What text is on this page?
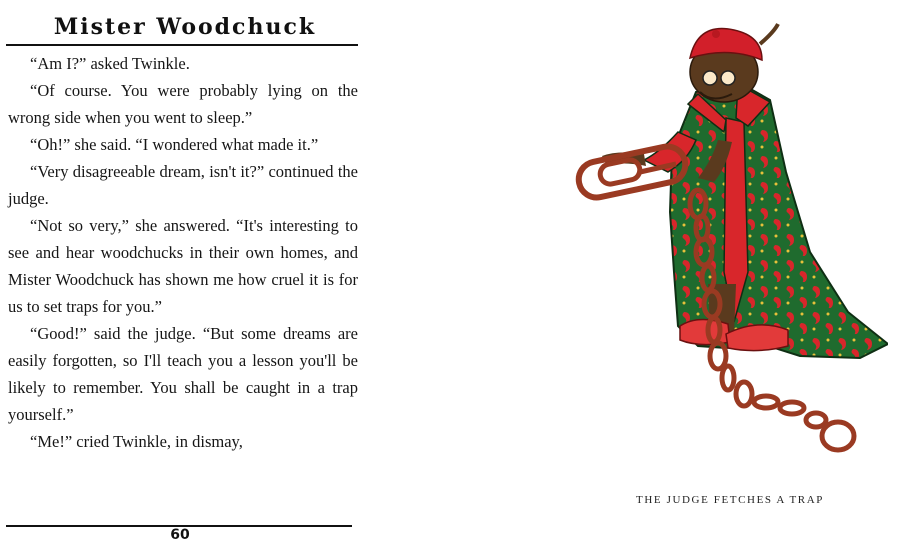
Mister Woodchuck

“Am I?” asked Twinkle.

“Of course. You were probably lying on the wrong side when you went to sleep.”

“Oh!” she said. “I wondered what made it.”

“Very disagreeable dream, isn't it?” continued the judge.

“Not so very,” she answered. “It's interesting to see and hear woodchucks in their own homes, and Mister Woodchuck has shown me how cruel it is for us to set traps for you.”

“Good!” said the judge. “But some dreams are easily forgotten, so I'll teach you a lesson you'll be likely to remember. You shall be caught in a trap yourself.”

“Me!” cried Twinkle, in dismay,

60
THE JUDGE FETCHES A TRAP
